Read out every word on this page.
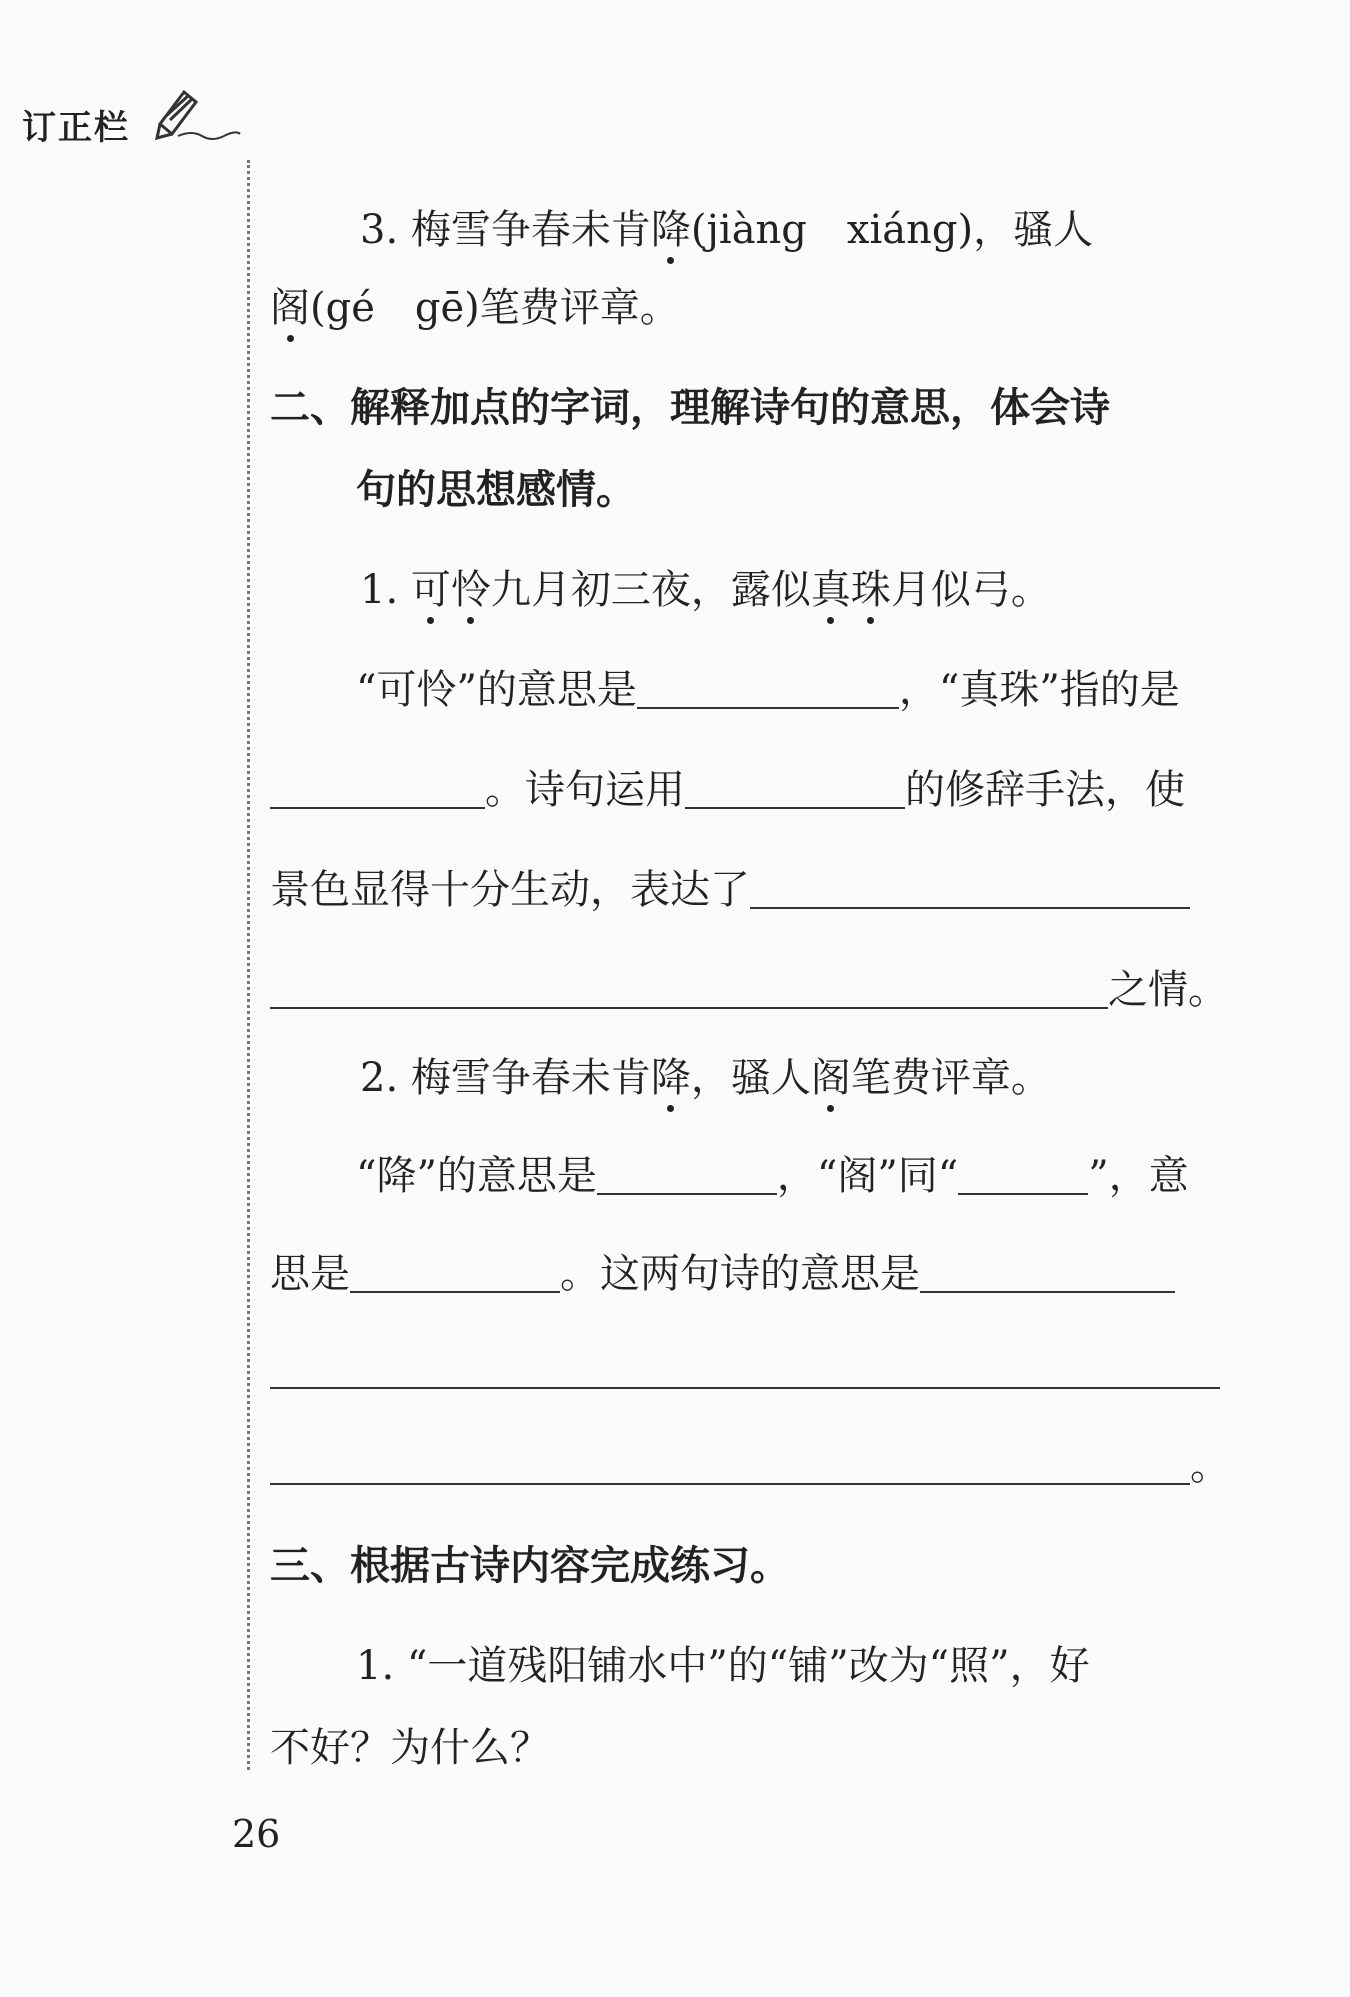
订正栏
3. 梅雪争春未肯降(jiàng　xiáng)，骚人
阁(gé　gē)笔费评章。
二、解释加点的字词，理解诗句的意思，体会诗
句的思想感情。
1. 可怜九月初三夜，露似真珠月似弓。
“可怜”的意思是	，“真珠”指的是
。诗句运用	的修辞手法，使
景色显得十分生动，表达了
之情。
2. 梅雪争春未肯降，骚人阁笔费评章。
“降”的意思是	，“阁”同“	”，意
思是	。这两句诗的意思是
。
三、根据古诗内容完成练习。
1. “一道残阳铺水中”的“铺”改为“照”，好
不好？为什么？
26
